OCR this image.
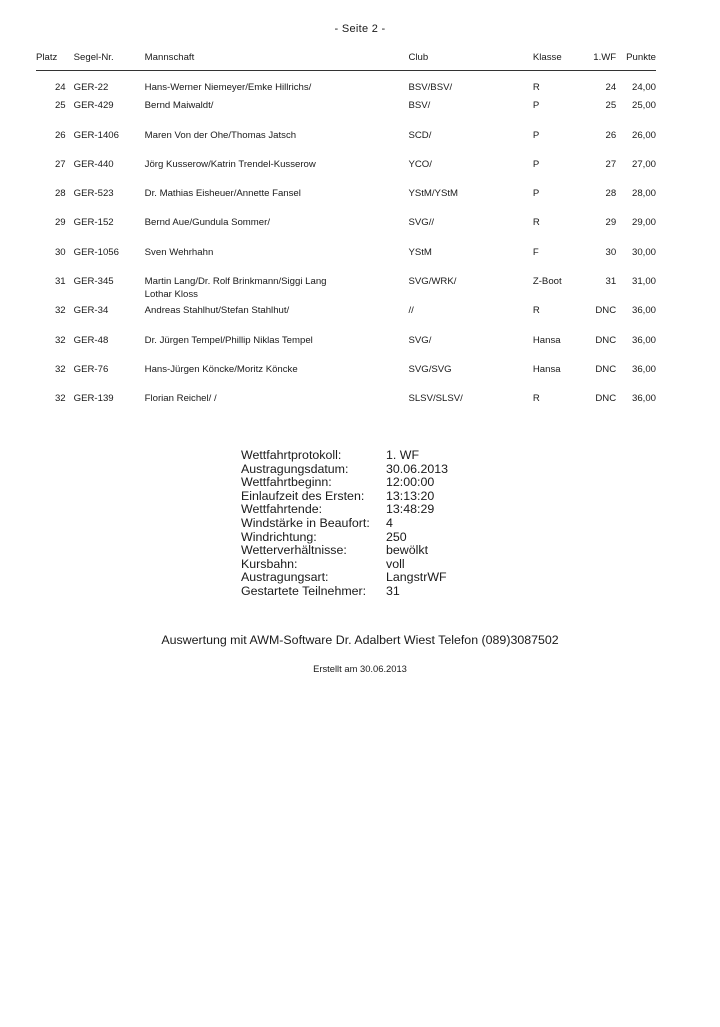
- Seite 2 -
Platz	Segel-Nr.	Mannschaft	Club	Klasse	1.WF	Punkte
24	GER-22	Hans-Werner Niemeyer/Emke Hillrichs/	BSV/BSV/	R	24	24,00
25	GER-429	Bernd Maiwaldt/	BSV/	P	25	25,00
26	GER-1406	Maren Von der Ohe/Thomas Jatsch	SCD/	P	26	26,00
27	GER-440	Jörg Kusserow/Katrin Trendel-Kusserow	YCO/	P	27	27,00
28	GER-523	Dr. Mathias Eisheuer/Annette Fansel	YStM/YStM	P	28	28,00
29	GER-152	Bernd Aue/Gundula Sommer/	SVG//	R	29	29,00
30	GER-1056	Sven Wehrhahn	YStM	F	30	30,00
31	GER-345	Martin Lang/Dr. Rolf Brinkmann/Siggi Lang
Lothar Kloss	SVG/WRK/	Z-Boot	31	31,00
32	GER-34	Andreas Stahlhut/Stefan Stahlhut/	//	R	DNC	36,00
32	GER-48	Dr. Jürgen Tempel/Phillip Niklas Tempel	SVG/	Hansa	DNC	36,00
32	GER-76	Hans-Jürgen Köncke/Moritz Köncke	SVG/SVG	Hansa	DNC	36,00
32	GER-139	Florian Reichel/ /	SLSV/SLSV/	R	DNC	36,00
Wettfahrtprotokoll:	1. WF
Austragungsdatum:	30.06.2013
Wettfahrtbeginn:	12:00:00
Einlaufzeit des Ersten:	13:13:20
Wettfahrtende:	13:48:29
Windstärke in Beaufort:	4
Windrichtung:	250
Wetterverhältnisse:	bewölkt
Kursbahn:	voll
Austragungsart:	LangstrWF
Gestartete Teilnehmer:	31
Auswertung mit AWM-Software Dr. Adalbert Wiest Telefon (089)3087502
Erstellt am 30.06.2013
